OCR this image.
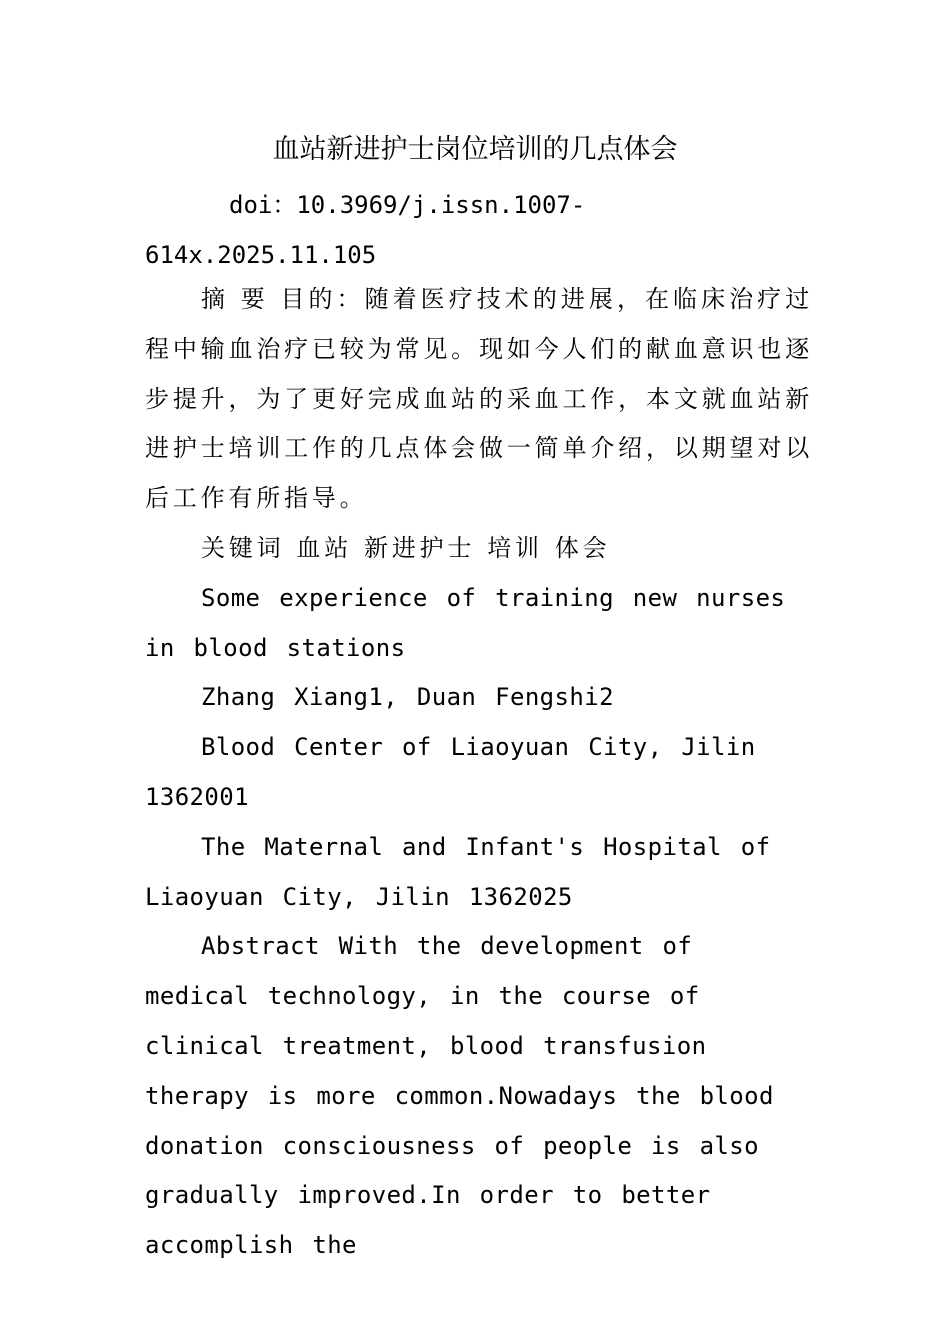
血站新进护士岗位培训的几点体会
doi：10.3969/j.issn.1007-
614x.2025.11.105

摘 要 目的：随着医疗技术的进展，在临床治疗过程中输血治疗已较为常见。现如今人们的献血意识也逐步提升，为了更好完成血站的采血工作，本文就血站新进护士培训工作的几点体会做一简单介绍，以期望对以后工作有所指导。

关键词 血站 新进护士 培训 体会

Some experience of training new nurses in blood stations

Zhang Xiang1, Duan Fengshi2

Blood Center of Liaoyuan City, Jilin 1362001

The Maternal and Infant's Hospital of Liaoyuan City, Jilin 1362025

Abstract With the development of medical technology, in the course of clinical treatment, blood transfusion therapy is more common.Nowadays the blood donation consciousness of people is also gradually improved.In order to better accomplish the
